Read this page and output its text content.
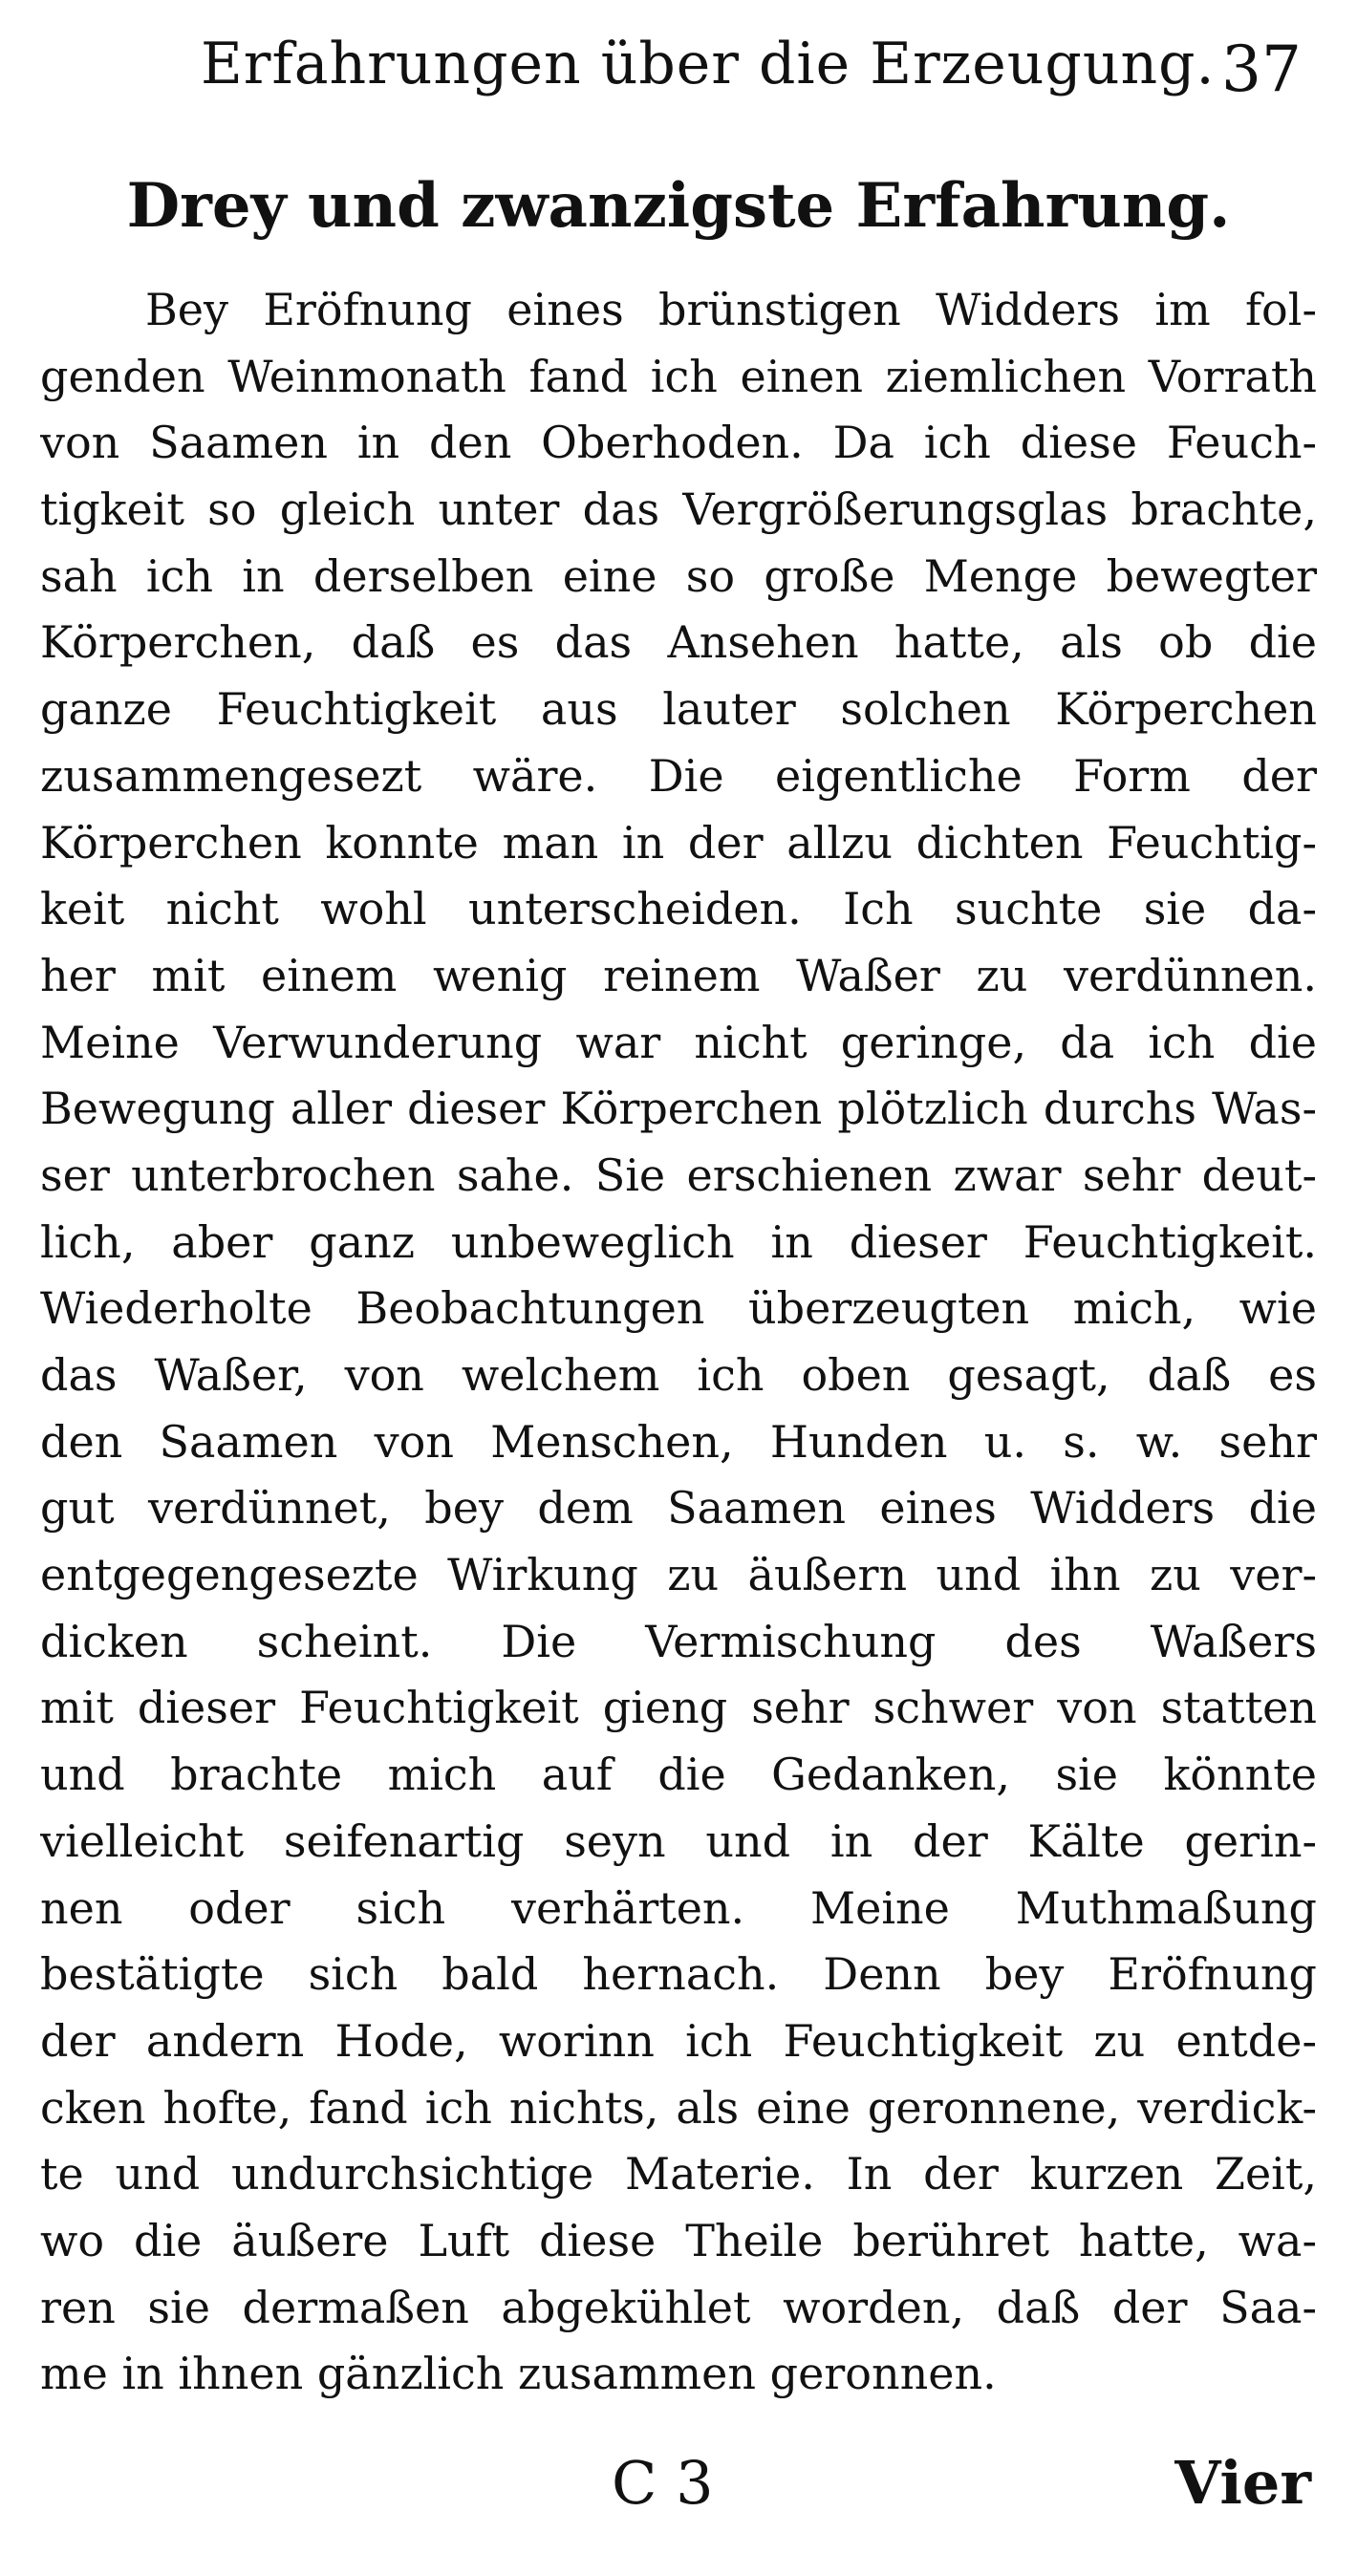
Erfahrungen über die Erzeugung. 37
Drey und zwanzigste Erfahrung.
Bey Eröfnung eines brünstigen Widders im fol-
genden Weinmonath fand ich einen ziemlichen Vorrath
von Saamen in den Oberhoden. Da ich diese Feuch-
tigkeit so gleich unter das Vergrößerungsglas brachte,
sah ich in derselben eine so große Menge bewegter
Körperchen, daß es das Ansehen hatte, als ob die
ganze Feuchtigkeit aus lauter solchen Körperchen
zusammengesezt wäre. Die eigentliche Form der
Körperchen konnte man in der allzu dichten Feuchtig-
keit nicht wohl unterscheiden. Ich suchte sie da-
her mit einem wenig reinem Waßer zu verdünnen.
Meine Verwunderung war nicht geringe, da ich die
Bewegung aller dieser Körperchen plötzlich durchs Was-
ser unterbrochen sahe. Sie erschienen zwar sehr deut-
lich, aber ganz unbeweglich in dieser Feuchtigkeit.
Wiederholte Beobachtungen überzeugten mich, wie
das Waßer, von welchem ich oben gesagt, daß es
den Saamen von Menschen, Hunden u. s. w. sehr
gut verdünnet, bey dem Saamen eines Widders die
entgegengesezte Wirkung zu äußern und ihn zu ver-
dicken scheint. Die Vermischung des Waßers
mit dieser Feuchtigkeit gieng sehr schwer von statten
und brachte mich auf die Gedanken, sie könnte
vielleicht seifenartig seyn und in der Kälte gerin-
nen oder sich verhärten. Meine Muthmaßung
bestätigte sich bald hernach. Denn bey Eröfnung
der andern Hode, worinn ich Feuchtigkeit zu entde-
cken hofte, fand ich nichts, als eine geronnene, verdick-
te und undurchsichtige Materie. In der kurzen Zeit,
wo die äußere Luft diese Theile berühret hatte, wa-
ren sie dermaßen abgekühlet worden, daß der Saa-
me in ihnen gänzlich zusammen geronnen.
C 3	Vier
